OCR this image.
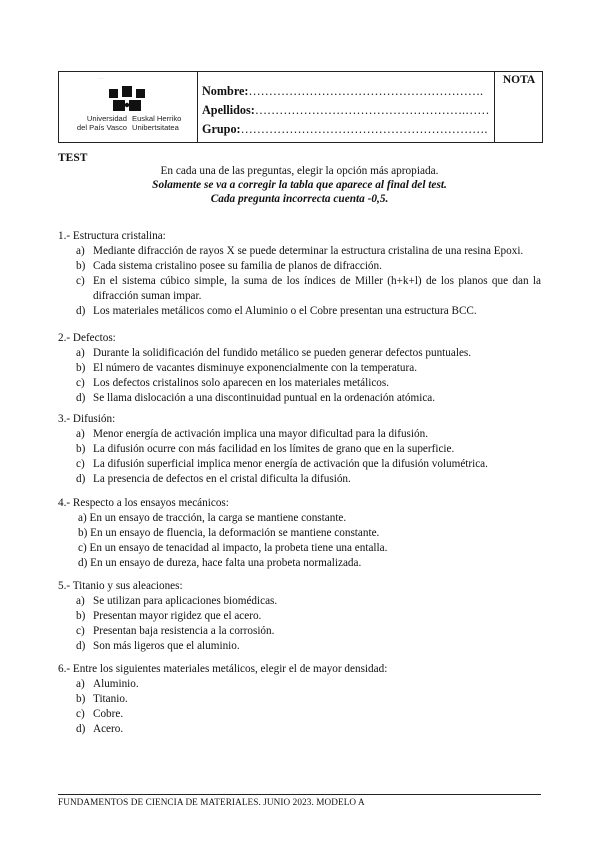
…
Universidad
del País Vasco
Euskal Herriko
Unibertsitatea
Nombre:………………………………………………….
Apellidos:…………………………………………….……
Grupo:…………………………………………………….
NOTA
TEST
En cada una de las preguntas, elegir la opción más apropiada.
Solamente se va a corregir la tabla que aparece al final del test.
Cada pregunta incorrecta cuenta -0,5.
1.- Estructura cristalina:
a) Mediante difracción de rayos X se puede determinar la estructura cristalina de una resina Epoxi.
b) Cada sistema cristalino posee su familia de planos de difracción.
c) En el sistema cúbico simple, la suma de los índices de Miller (h+k+l) de los planos que dan la difracción suman impar.
d) Los materiales metálicos como el Aluminio o el Cobre presentan una estructura BCC.
2.- Defectos:
a) Durante la solidificación del fundido metálico se pueden generar defectos puntuales.
b) El número de vacantes disminuye exponencialmente con la temperatura.
c) Los defectos cristalinos solo aparecen en los materiales metálicos.
d) Se llama dislocación a una discontinuidad puntual en la ordenación atómica.
3.- Difusión:
a) Menor energía de activación implica una mayor dificultad para la difusión.
b) La difusión ocurre con más facilidad en los límites de grano que en la superficie.
c) La difusión superficial implica menor energía de activación que la difusión volumétrica.
d) La presencia de defectos en el cristal dificulta la difusión.
4.- Respecto a los ensayos mecánicos:
a) En un ensayo de tracción, la carga se mantiene constante.
b) En un ensayo de fluencia, la deformación se mantiene constante.
c) En un ensayo de tenacidad al impacto, la probeta tiene una entalla.
d) En un ensayo de dureza, hace falta una probeta normalizada.
5.- Titanio y sus aleaciones:
a) Se utilizan para aplicaciones biomédicas.
b) Presentan mayor rigidez que el acero.
c) Presentan baja resistencia a la corrosión.
d) Son más ligeros que el aluminio.
6.- Entre los siguientes materiales metálicos, elegir el de mayor densidad:
a) Aluminio.
b) Titanio.
c) Cobre.
d) Acero.
FUNDAMENTOS DE CIENCIA DE MATERIALES. JUNIO 2023. MODELO A
